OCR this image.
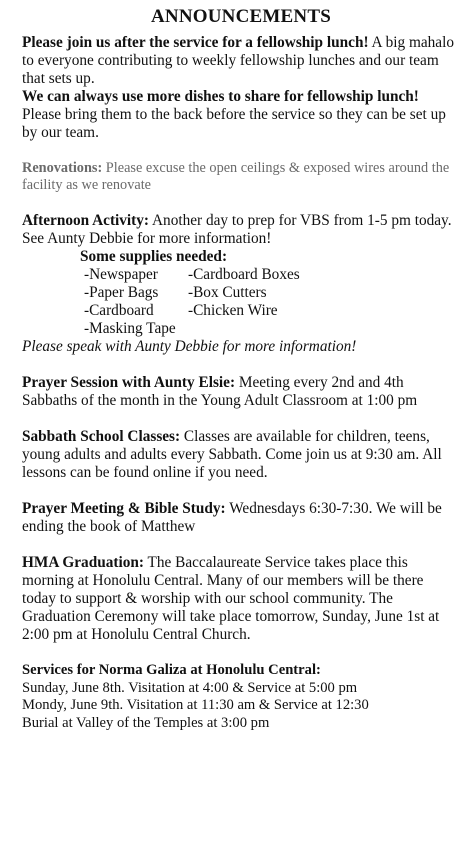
ANNOUNCEMENTS

Please join us after the service for a fellowship lunch! A big mahalo to everyone contributing to weekly fellowship lunches and our team that sets up.

We can always use more dishes to share for fellowship lunch! Please bring them to the back before the service so they can be set up by our team.

Renovations: Please excuse the open ceilings & exposed wires around the facility as we renovate

Afternoon Activity: Another day to prep for VBS from 1-5 pm today. See Aunty Debbie for more information!

Some supplies needed:
-Newspaper	-Cardboard Boxes
-Paper Bags	-Box Cutters
-Cardboard	-Chicken Wire
-Masking Tape

Please speak with Aunty Debbie for more information!

Prayer Session with Aunty Elsie: Meeting every 2nd and 4th Sabbaths of the month in the Young Adult Classroom at 1:00 pm

Sabbath School Classes: Classes are available for children, teens, young adults and adults every Sabbath. Come join us at 9:30 am. All lessons can be found online if you need.

Prayer Meeting & Bible Study: Wednesdays 6:30-7:30. We will be ending the book of Matthew

HMA Graduation: The Baccalaureate Service takes place this morning at Honolulu Central. Many of our members will be there today to support & worship with our school community. The Graduation Ceremony will take place tomorrow, Sunday, June 1st at 2:00 pm at Honolulu Central Church.

Services for Norma Galiza at Honolulu Central:

Sunday, June 8th. Visitation at 4:00 & Service at 5:00 pm

Mondy, June 9th. Visitation at 11:30 am & Service at 12:30

Burial at Valley of the Temples at 3:00 pm
